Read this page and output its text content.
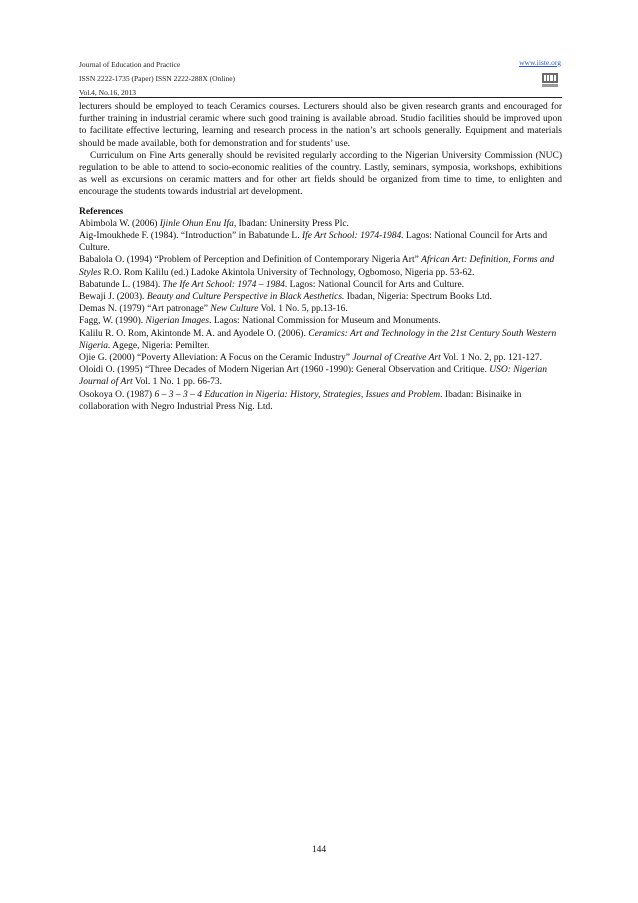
Journal of Education and Practice
ISSN 2222-1735 (Paper) ISSN 2222-288X (Online)
Vol.4, No.16, 2013
www.iiste.org

lecturers should be employed to teach Ceramics courses. Lecturers should also be given research grants and encouraged for further training in industrial ceramic where such good training is available abroad. Studio facilities should be improved upon to facilitate effective lecturing, learning and research process in the nation’s art schools generally. Equipment and materials should be made available, both for demonstration and for students’ use.

Curriculum on Fine Arts generally should be revisited regularly according to the Nigerian University Commission (NUC) regulation to be able to attend to socio-economic realities of the country. Lastly, seminars, symposia, workshops, exhibitions as well as excursions on ceramic matters and for other art fields should be organized from time to time, to enlighten and encourage the students towards industrial art development.

References

Abimbola W. (2006) Ijinle Ohun Enu Ifa, Ibadan: Uninersity Press Plc.

Aig-Imoukhede F. (1984). “Introduction” in Babatunde L. Ife Art School: 1974-1984. Lagos: National Council for Arts and Culture.

Babalola O. (1994) “Problem of Perception and Definition of Contemporary Nigeria Art” African Art: Definition, Forms and Styles R.O. Rom Kalilu (ed.) Ladoke Akintola University of Technology, Ogbomoso, Nigeria pp. 53-62.

Babatunde L. (1984). The Ife Art School: 1974 – 1984. Lagos: National Council for Arts and Culture.

Bewaji J. (2003). Beauty and Culture Perspective in Black Aesthetics. Ibadan, Nigeria: Spectrum Books Ltd.

Demas N. (1979) “Art patronage” New Culture Vol. 1 No. 5, pp.13-16.

Fagg, W. (1990). Nigerian Images. Lagos: National Commission for Museum and Monuments.

Kalilu R. O. Rom, Akintonde M. A. and Ayodele O. (2006). Ceramics: Art and Technology in the 21st Century South Western Nigeria. Agege, Nigeria: Pemilter.

Ojie G. (2000) “Poverty Alleviation: A Focus on the Ceramic Industry” Journal of Creative Art Vol. 1 No. 2, pp. 121-127.

Oloidi O. (1995) “Three Decades of Modern Nigerian Art (1960 -1990): General Observation and Critique. USO: Nigerian Journal of Art Vol. 1 No. 1 pp. 66-73.

Osokoya O. (1987) 6 – 3 – 3 – 4 Education in Nigeria: History, Strategies, Issues and Problem. Ibadan: Bisinaike in collaboration with Negro Industrial Press Nig. Ltd.

144
